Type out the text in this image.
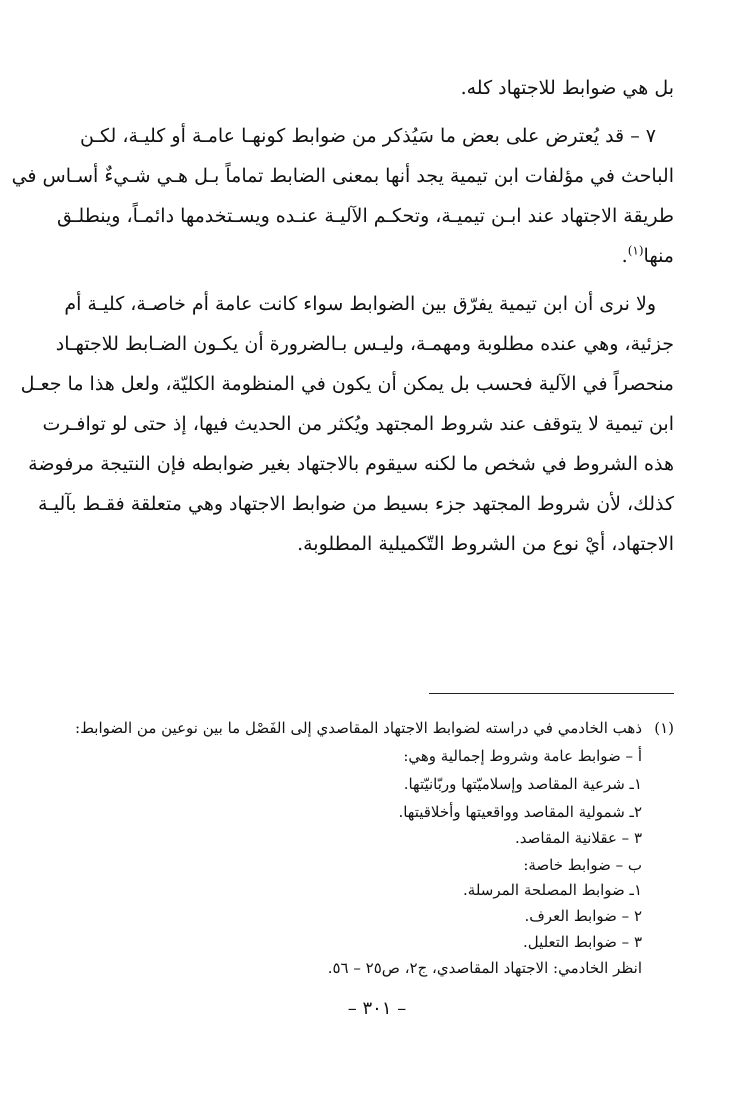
بل هي ضوابط للاجتهاد كله.
٧ – قد يُعترض على بعض ما سَيُذكر من ضوابط كونهـا عامـة أو كليـة، لكـن
الباحث في مؤلفات ابن تيمية يجد أنها بمعنى الضابط تماماً بـل هـي شـيءٌ أسـاس في
طريقة الاجتهاد عند ابـن تيميـة، وتحكـم الآليـة عنـده ويسـتخدمها دائمـاً، وينطلـق
منها$^{(١)}$.
ولا نرى أن ابن تيمية يفرّق بين الضوابط سواء كانت عامة أم خاصـة، كليـة أم
جزئية، وهي عنده مطلوبة ومهمـة، وليـس بـالضرورة أن يكـون الضـابط للاجتهـاد
منحصراً في الآلية فحسب بل يمكن أن يكون في المنظومة الكليّة، ولعل هذا ما جعـل
ابن تيمية لا يتوقف عند شروط المجتهد ويُكثر من الحديث فيها، إذ حتى لو توافـرت
هذه الشروط في شخص ما لكنه سيقوم بالاجتهاد بغير ضوابطه فإن النتيجة مرفوضة
كذلك، لأن شروط المجتهد جزء بسيط من ضوابط الاجتهاد وهي متعلقة فقـط بآليـة
الاجتهاد، أيْ نوع من الشروط التّكميلية المطلوبة.
(١)
ذهب الخادمي في دراسته لضوابط الاجتهاد المقاصدي إلى الفَصْل ما بين نوعين من الضوابط:
أ – ضوابط عامة وشروط إجمالية وهي:
١ـ شرعية المقاصد وإسلاميّتها وربّانيّتها.
٢ـ شمولية المقاصد وواقعيتها وأخلاقيتها.
٣ – عقلانية المقاصد.
ب – ضوابط خاصة:
١ـ ضوابط المصلحة المرسلة.
٢ – ضوابط العرف.
٣ – ضوابط التعليل.
انظر الخادمي: الاجتهاد المقاصدي، ج٢، ص٢٥ – ٥٦.
– ٣٠١ –
